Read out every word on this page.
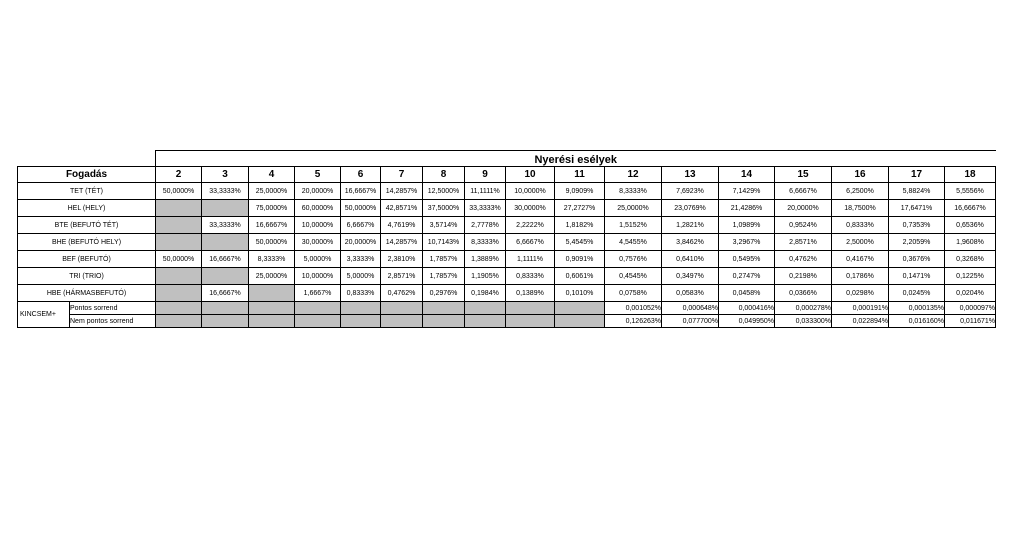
		Nyerési esélyek																
Fogadás		2	3	4	5	6	7	8	9	10	11	12	13	14	15	16	17	18
TET (TÉT)		50,0000%	33,3333%	25,0000%	20,0000%	16,6667%	14,2857%	12,5000%	11,1111%	10,0000%	9,0909%	8,3333%	7,6923%	7,1429%	6,6667%	6,2500%	5,8824%	5,5556%
HEL (HELY)				75,0000%	60,0000%	50,0000%	42,8571%	37,5000%	33,3333%	30,0000%	27,2727%	25,0000%	23,0769%	21,4286%	20,0000%	18,7500%	17,6471%	16,6667%
BTE (BEFUTÓ TÉT)			33,3333%	16,6667%	10,0000%	6,6667%	4,7619%	3,5714%	2,7778%	2,2222%	1,8182%	1,5152%	1,2821%	1,0989%	0,9524%	0,8333%	0,7353%	0,6536%
BHE (BEFUTÓ HELY)				50,0000%	30,0000%	20,0000%	14,2857%	10,7143%	8,3333%	6,6667%	5,4545%	4,5455%	3,8462%	3,2967%	2,8571%	2,5000%	2,2059%	1,9608%
BEF (BEFUTÓ)		50,0000%	16,6667%	8,3333%	5,0000%	3,3333%	2,3810%	1,7857%	1,3889%	1,1111%	0,9091%	0,7576%	0,6410%	0,5495%	0,4762%	0,4167%	0,3676%	0,3268%
TRI (TRIO)				25,0000%	10,0000%	5,0000%	2,8571%	1,7857%	1,1905%	0,8333%	0,6061%	0,4545%	0,3497%	0,2747%	0,2198%	0,1786%	0,1471%	0,1225%
HBE (HÁRMASBEFUTÓ)			16,6667%		1,6667%	0,8333%	0,4762%	0,2976%	0,1984%	0,1389%	0,1010%	0,0758%	0,0583%	0,0458%	0,0366%	0,0298%	0,0245%	0,0204%
KINCSEM+	Pontos sorrend											0,001052%	0,000648%	0,000416%	0,000278%	0,000191%	0,000135%	0,000097%
	Nem pontos sorrend											0,126263%	0,077700%	0,049950%	0,033300%	0,022894%	0,016160%	0,011671%
